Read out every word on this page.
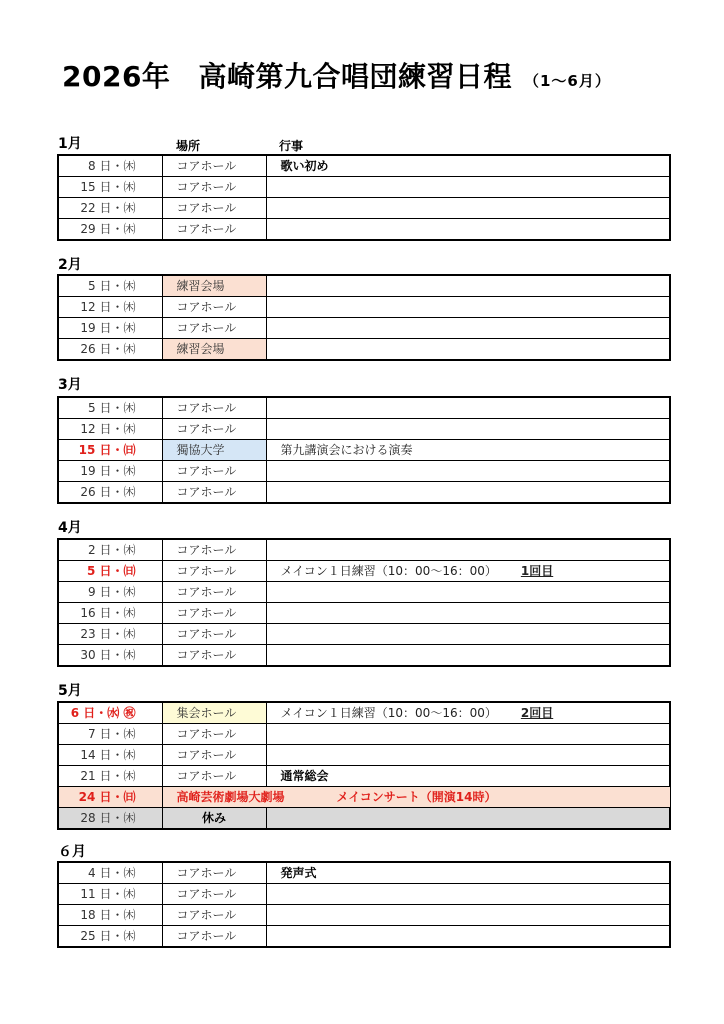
2026年 高崎第九合唱団練習日程 （1～6月）
場所	行事
1月
8 日・㈭	コアホール	歌い初め
15 日・㈭	コアホール	
22 日・㈭	コアホール	
29 日・㈭	コアホール	
2月
5 日・㈭	練習会場	
12 日・㈭	コアホール	
19 日・㈭	コアホール	
26 日・㈭	練習会場	
3月
5 日・㈭	コアホール	
12 日・㈭	コアホール	
15 日・㈰	獨協大学	第九講演会における演奏
19 日・㈭	コアホール	
26 日・㈭	コアホール	
4月
2 日・㈭	コアホール	
5 日・㈰	コアホール	メイコン１日練習（10：00～16：00） 1回目
9 日・㈭	コアホール	
16 日・㈭	コアホール	
23 日・㈭	コアホール	
30 日・㈭	コアホール	
5月
6 日・㈬ ㊗	集会ホール	メイコン１日練習（10：00～16：00） 2回目
7 日・㈭	コアホール	
14 日・㈭	コアホール	
21 日・㈭	コアホール	通常総会
24 日・㈰	高崎芸術劇場大劇場 メイコンサート（開演14時）	
28 日・㈭	休み	
６月
4 日・㈭	コアホール	発声式
11 日・㈭	コアホール	
18 日・㈭	コアホール	
25 日・㈭	コアホール	
